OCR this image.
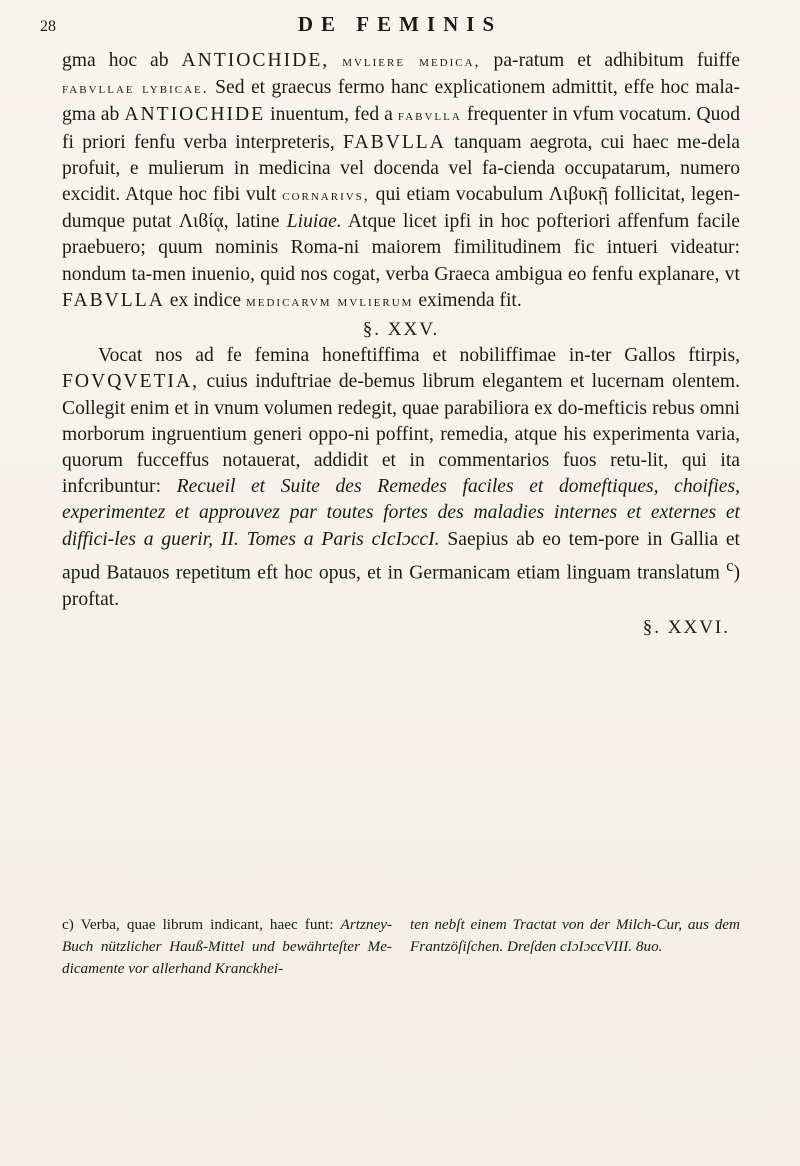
28	DE FEMINIS

gma hoc ab ANTIOCHIDE, mvliere medica, pa-ratum et adhibitum fuiffe fabvllae lybicae. Sed et graecus fermo hanc explicationem admittit, effe hoc mala-gma ab ANTIOCHIDE inuentum, fed a fabvlla frequenter in vfum vocatum. Quod fi priori fenfu verba interpreteris, FABVLLA tanquam aegrota, cui haec me-dela profuit, e mulierum in medicina vel docenda vel fa-cienda occupatarum, numero excidit. Atque hoc fibi vult cornarivs, qui etiam vocabulum Λιβυκῇ follicitat, legen-dumque putat Λιϐίᾳ, latine Liuiae. Atque licet ipfi in hoc pofteriori affenfum facile praebuero; quum nominis Roma-ni maiorem fimilitudinem fic intueri videatur: nondum ta-men inuenio, quid nos cogat, verba Graeca ambigua eo fenfu explanare, vt FABVLLA ex indice medicarvm mvlierum eximenda fit.

§. XXV.

Vocat nos ad fe femina honeftiffima et nobiliffimae in-ter Gallos ftirpis, FOVQVETIA, cuius induftriae de-bemus librum elegantem et lucernam olentem. Collegit enim et in vnum volumen redegit, quae parabiliora ex do-mefticis rebus omni morborum ingruentium generi oppo-ni poffint, remedia, atque his experimenta varia, quorum fucceffus notauerat, addidit et in commentarios fuos retu-lit, qui ita infcribuntur: Recueil et Suite des Remedes faciles et domeftiques, choifies, experimentez et approuvez par toutes fortes des maladies internes et externes et diffici-les a guerir, II. Tomes a Paris cIcIɔccI. Saepius ab eo tem-pore in Gallia et apud Batauos repetitum eft hoc opus, et in Germanicam etiam linguam translatum $^c$) proftat.

§. XXVI.
c) Verba, quae librum indicant, haec funt: Artzney-Buch nützlicher Hauß-Mittel und bewährteſter Me-dicamente vor allerhand Kranckhei-
ten nebſt einem Tractat von der Milch-Cur, aus dem Frantzöſiſchen. Dreſden cIɔIɔccVIII. 8uo.
